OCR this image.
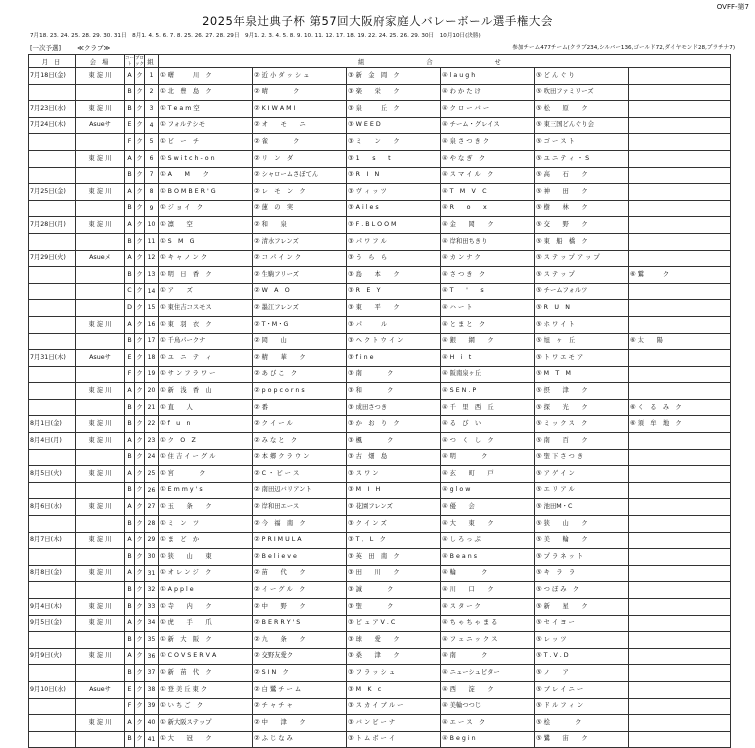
OVFF-第7
2025年泉辻典子杯 第57回大阪府家庭人バレーボール選手権大会
7月18. 23. 24. 25. 28. 29. 30. 31日　8月1. 4. 5. 6. 7. 8. 25. 26. 27. 28. 29日　9月1. 2. 3. 4. 5. 8. 9. 10. 11. 12. 17. 18. 19. 22. 24. 25. 26. 29. 30日　10月10日(決勝)
[一次予選] ≪クラブ≫	参加チーム477チーム(クラブ234,シルバー136,ゴールド72,ダイヤモンド28,プラチナ7)
月 日	会 場	コート	ブロック	組	組 合 せ					
7月18日(金)	東 淀 川	A	ク	1	① 曙　　　川　ク	② 近 小 ダ ッ シ ュ	③ 新　金　岡　ク	④ l a u g h	⑤ ど ん ぐ り	
		B	ク	2	① 北　豊　島　ク	② 晴　　　　ク	③ 楽　　栄　　ク	④ わ か た け	⑤ 吹田ファミリーズ	
7月23日(水)	東 淀 川	B	ク	3	① T e a m 空	② K I W A M I	③ 泉　　　丘　ク	④ ク ロ ー バ ー	⑤ 松　　原　　ク	
7月24日(木)	Asueサ	E	ク	4	① フォルテシモ	② オ　　モ　　ニ	③ W E E D	④ チーム・グレイス	⑤ 東三国どんぐり会	
		F	ク	5	① ビ　ー　チ	② 雀　　　　ク	③ ミ　　ン　　ク	④ 泉 さ つ き ク	⑤ ゴ ー ス ト	
	東 淀 川	A	ク	6	① S w i t c h - o n	② リ　ン　ダ	③ 1　　s　　t	④ や な ぎ　ク	⑤ ユ ニ テ ィ ・ S	
		B	ク	7	① A　　M　　ク	② シャロームさぼてん	③ R　I　N	④ ス マ イ ル　ク	⑤ 高　　石　　ク	
7月25日(金)	東 淀 川	A	ク	8	① B O M B E R ' G	② レ　モ　ン　ク	③ ヴ ィ ッ ツ	④ T　M　V　C	⑤ 神　　田　　ク	
		B	ク	9	① ジ ョ イ　ク	② 蓮　の　実	③ A i l e s	④ R　　o　　x	⑤ 樹　　林　　ク	
7月28日(月)	東 淀 川	A	ク	10	① 凛　　空	② 和　　泉	③ F . B L O O M	④ 金　　岡　　ク	⑤ 交　　野　　ク	
		B	ク	11	① S　M　G	② 清水フレンズ	③ パ ワ フ ル	④ 岸和田ちきり	⑤ 東　船　橋　ク	
7月29日(火)	Asueメ	A	ク	12	① キ ャ ノ ン ク	② コ パ イ ン ク	③ う　ら　ら	④ カ ン ナ ク	⑤ ス テ ッ プ ア ッ プ	
		B	ク	13	① 明　日　香　ク	② 生駒フリーズ	③ 島　　本　　ク	④ さ つ き　ク	⑤ ス テ ッ プ	⑥ 鷲　　　ク
		C	ク	14	① ア　　ズ	② W　A　O	③ R　E　Y	④ T　　'　　s	⑤ チームフォルツ	
		D	ク	15	① 東住吉コスモス	② 墨江フレンズ	③ 東　　平　　ク	④ ハ ー ト	⑤ R　U　N	
	東 淀 川	A	ク	16	① 東　羽　衣　ク	② T・M・G	③ パ　　　ル	④ と ま と　ク	⑤ ホ ワ イ ト	
		B	ク	17	① 千鳥パークナ	② 岡　　山	③ ヘ ク ト ウ イ ン	④ 銀　　網　　ク	⑤ 旭　ヶ　丘	⑥ 太　　陽
7月31日(木)	Asueサ	E	ク	18	① ユ　ニ　テ　ィ	② 精　　華　　ク	③ f i n e	④ H　i　t	⑤ ト ワ エ モ ア	
		F	ク	19	① サ ン フ ラ ワ ー	② あ び こ　ク	③ 南　　　　ク	④ 阪南泉ヶ丘	⑤ M　T　M	
	東 淀 川	A	ク	20	① 新　浅　香　山	② p o p c o r n s	③ 和　　　　ク	④ S E N . P	⑤ 摂　　津　　ク	
		B	ク	21	① 直　　人	② 番	③ 成田さつき	④ 千　里　西　丘	⑤ 探　　光　　ク	⑥ く　る　み　ク
8月1日(金)	東 淀 川	B	ク	22	① f　u　n	② ク イ ー ル	③ か　お　り　ク	④ る　び　い	⑤ ミ ッ ク ス　ク	⑥ 須　牟　地　ク
8月4日(月)	東 淀 川	A	ク	23	① ク　O　Z	② み な と　ク	③ 楓　　　　ク	④ つ　く　し　ク	⑤ 南　　百　　ク	
		B	ク	24	① 住 吉 イ ー グ ル	② 本 郷 ク ラ ウ ン	③ 古　畑　島	④ 明　　　　ク	⑤ 聖 下 さ つ き	
8月5日(火)	東 淀 川	A	ク	25	① 宮　　　　ク	② C ・ ピ ー ス	③ ス ワ ン	④ 玄　　町　　戸	⑤ ア ゲ イ ン	
		B	ク	26	① E m m y ' s	② 南田辺バリアント	③ M　I　H	④ g l o w	⑤ エ リ ア ル	
8月6日(水)	東 淀 川	A	ク	27	① 玉　　条　　ク	② 岸和田エース	③ 花園フレンズ	④ 優　　会	⑤ 池田M・C	
		B	ク	28	① ミ　ン　ツ	② 今　福　南　ク	③ ク イ ン ズ	④ 大　　東　　ク	⑤ 狭　　山　　ク	
8月7日(木)	東 淀 川	A	ク	29	① ま　ど　か	② P R I M U L A	③ T ． L　ク	④ し ろ っ ぷ	⑤ 美　　輪　　ク	
		B	ク	30	① 狭　　山　　東	② B e l i e v e	③ 英　田　南　ク	④ B e a n s	⑤ プ ラ ネ ッ ト	
8月8日(金)	東 淀 川	A	ク	31	① オ レ ン ジ　ク	② 苗　　代　　ク	③ 田　　川　　ク	④ 輪　　　　ク	⑤ キ　ラ　ラ	
		B	ク	32	① A p p l e	② イ ー グ ル　ク	③ 誠　　　　ク	④ 川　　口　　ク	⑤ つ ぼ み　ク	
9月4日(木)	東 淀 川	B	ク	33	① 寺　　内　　ク	② 中　　野　　ク	③ 聖　　　　ク	④ ス タ ー ク	⑤ 新　　星　　ク	
9月5日(金)	東 淀 川	A	ク	34	① 虎　　手　　爪	② B E R R Y ' S	③ ピ ュ ア V . C	④ ち ゃ ち ゃ ま る	⑤ セ イ ヨ ー	
		B	ク	35	① 新　大　阪　ク	② 九　　条　　ク	③ 球　　愛　　ク	④ フ ェ ニ ッ ク ス	⑤ レ ッ ツ	
9月9日(火)	東 淀 川	A	ク	36	① C O V S E R V A	② 交野友愛ク	③ 桑　　津　　ク	④ 南　　　　ク	⑤ T . V . D	
		B	ク	37	① 新　苗　代　ク	② S I N　ク	③ フ ラ ッ シ ュ	④ ニューシュピター	⑤ ノ　　ア	
9月10日(水)	Asueサ	E	ク	38	① 登 美 丘 東 ク	② 白 鷺 チ ー ム	③ M　K　c	④ 西　　淀　　ク	⑤ ブ レ イ ニ ー	
		F	ク	39	① い ち ご　ク	② チ ャ チ ャ	③ ス カ イ ブ ル ー	④ 美輪つつじ	⑤ ド ル フ ィ ン	
	東 淀 川	A	ク	40	① 新大阪ステップ	② 中　　津　　ク	③ バ ン ビ ー ナ	④ エ ー ス　ク	⑤ 桧　　　　ク	
		B	ク	41	① 大　　冠　　ク	② ふ じ な み	③ ト ム ボ ー イ	④ B e g i n	⑤ 鷺　　宙　　ク	
